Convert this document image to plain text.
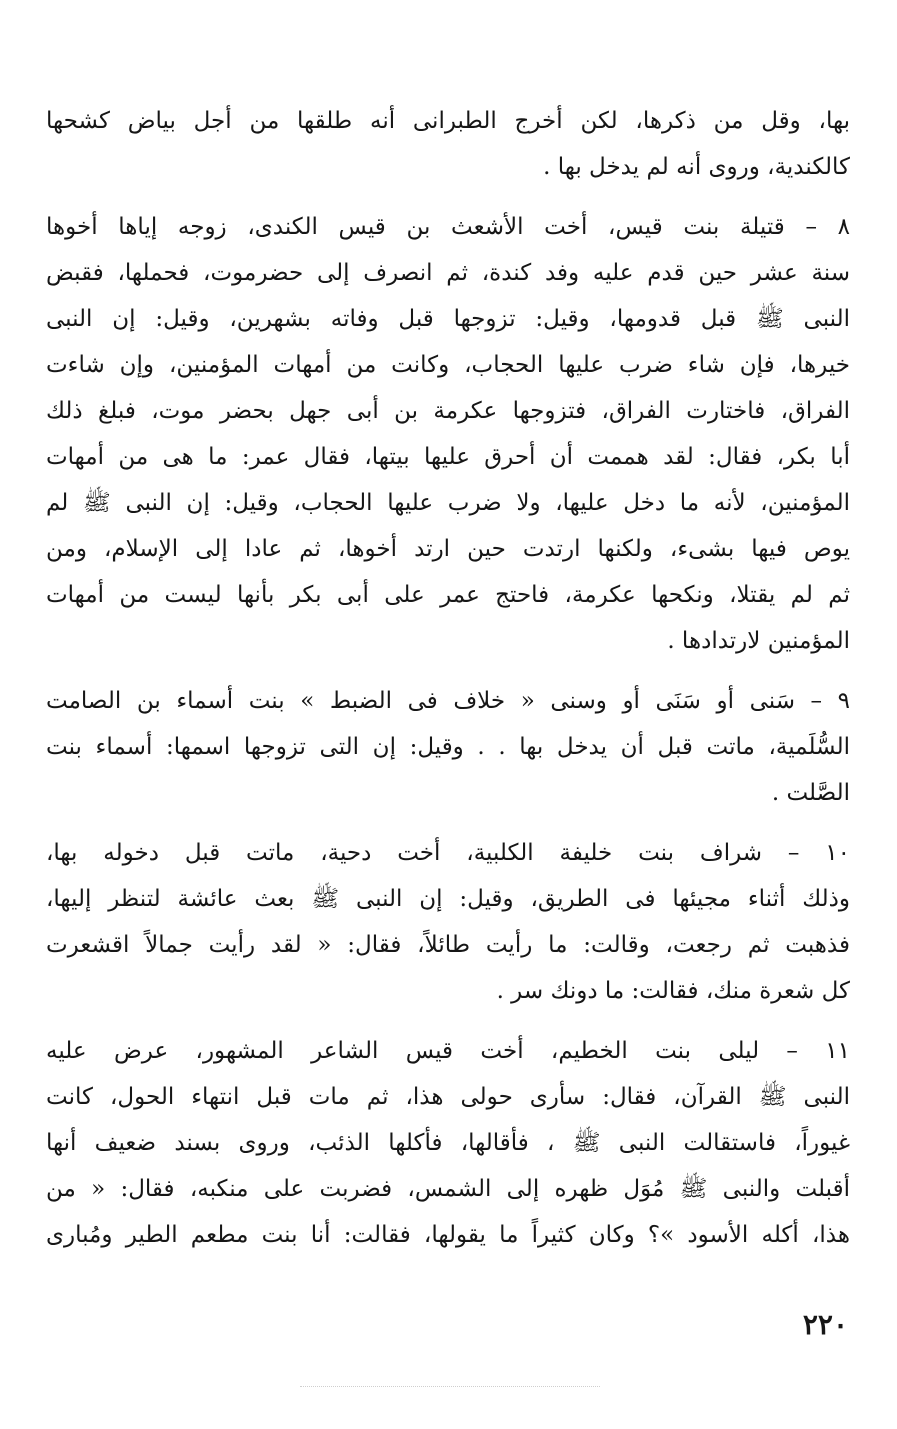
بها، وقل من ذكرها، لكن أخرج الطبرانى أنه طلقها من أجل بياض كشحها
كالكندية، وروى أنه لم يدخل بها .
٨ – قتيلة بنت قيس، أخت الأشعث بن قيس الكندى، زوجه إياها أخوها
سنة عشر حين قدم عليه وفد كندة، ثم انصرف إلى حضرموت، فحملها، فقبض
النبى ﷺ قبل قدومها، وقيل: تزوجها قبل وفاته بشهرين، وقيل: إن النبى
خيرها، فإن شاء ضرب عليها الحجاب، وكانت من أمهات المؤمنين، وإن شاءت
الفراق، فاختارت الفراق، فتزوجها عكرمة بن أبى جهل بحضر موت، فبلغ ذلك
أبا بكر، فقال: لقد هممت أن أحرق عليها بيتها، فقال عمر: ما هى من أمهات
المؤمنين، لأنه ما دخل عليها، ولا ضرب عليها الحجاب، وقيل: إن النبى ﷺ لم
يوص فيها بشىء، ولكنها ارتدت حين ارتد أخوها، ثم عادا إلى الإسلام، ومن
ثم لم يقتلا، ونكحها عكرمة، فاحتج عمر على أبى بكر بأنها ليست من أمهات
المؤمنين لارتدادها .
٩ – سَنى أو سَنَى أو وسنى « خلاف فى الضبط » بنت أسماء بن الصامت
السُّلَمية، ماتت قبل أن يدخل بها . . وقيل: إن التى تزوجها اسمها: أسماء بنت
الصَّلت .
١٠ – شراف بنت خليفة الكلبية، أخت دحية، ماتت قبل دخوله بها،
وذلك أثناء مجيئها فى الطريق، وقيل: إن النبى ﷺ بعث عائشة لتنظر إليها،
فذهبت ثم رجعت، وقالت: ما رأيت طائلاً، فقال: « لقد رأيت جمالاً اقشعرت
كل شعرة منك، فقالت: ما دونك سر .
١١ – ليلى بنت الخطيم، أخت قيس الشاعر المشهور، عرض عليه
النبى ﷺ القرآن، فقال: سأرى حولى هذا، ثم مات قبل انتهاء الحول، كانت
غيوراً، فاستقالت النبى ﷺ ، فأقالها، فأكلها الذئب، وروى بسند ضعيف أنها
أقبلت والنبى ﷺ مُوَل ظهره إلى الشمس، فضربت على منكبه، فقال: « من
هذا، أكله الأسود »؟ وكان كثيراً ما يقولها، فقالت: أنا بنت مطعم الطير ومُبارى
٢٢٠
